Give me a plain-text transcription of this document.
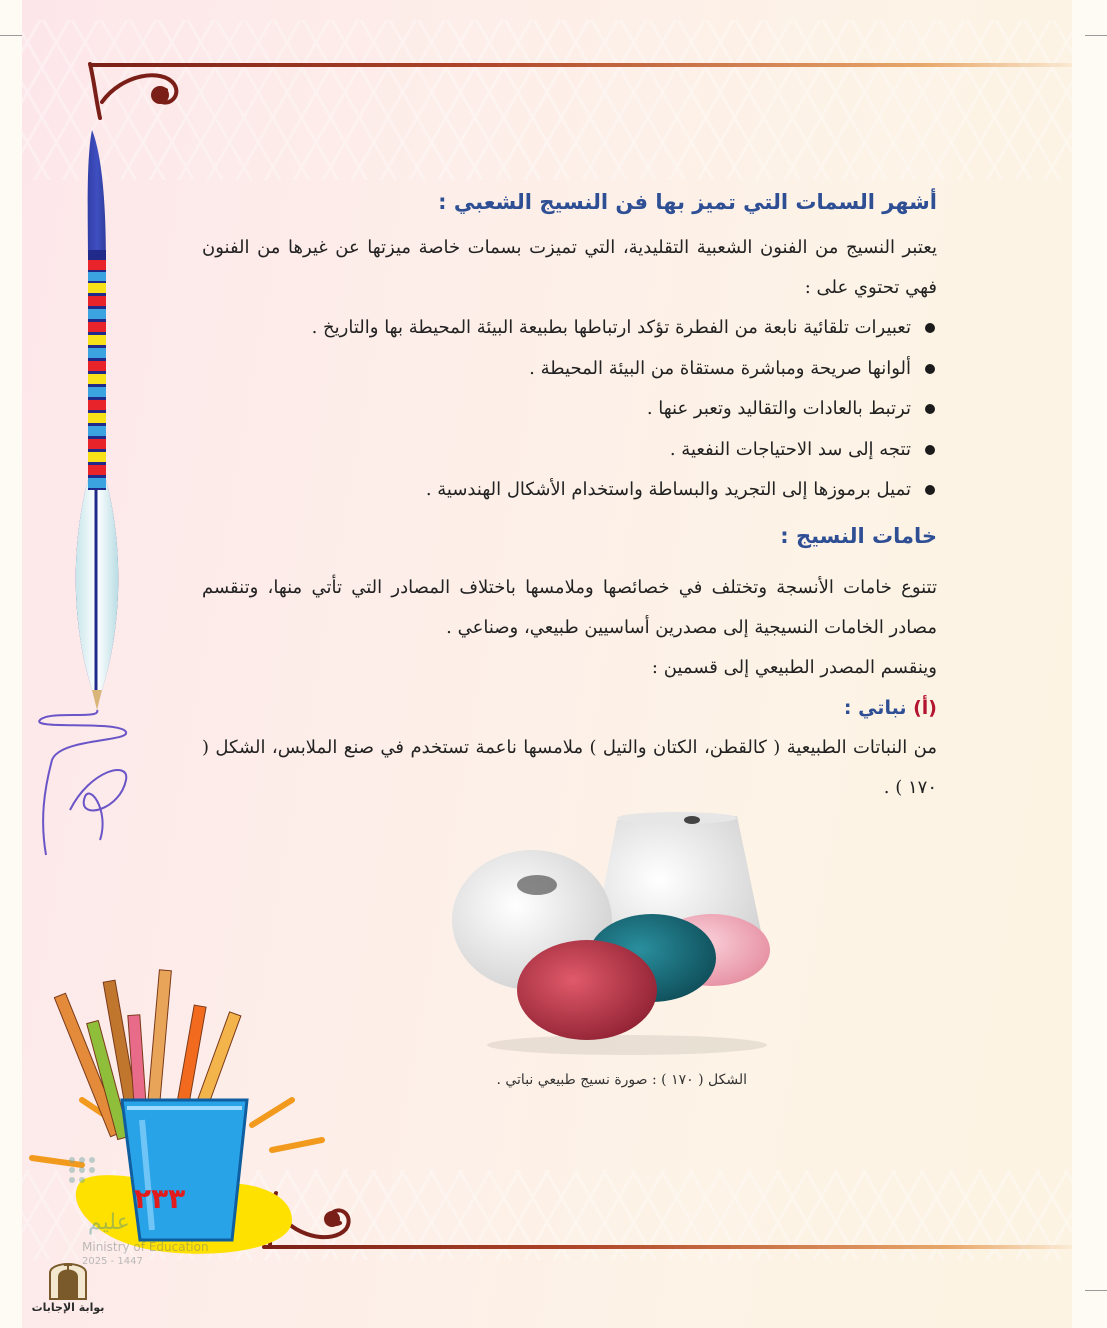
أشهر السمات التي تميز بها فن النسيج الشعبي :

يعتبر النسيج من الفنون الشعبية التقليدية، التي تميزت بسمات خاصة ميزتها عن غيرها من الفنون فهي تحتوي على :

تعبيرات تلقائية نابعة من الفطرة تؤكد ارتباطها بطبيعة البيئة المحيطة بها والتاريخ .
ألوانها صريحة ومباشرة مستقاة من البيئة المحيطة .
ترتبط بالعادات والتقاليد وتعبر عنها .
تتجه إلى سد الاحتياجات النفعية .
تميل برموزها إلى التجريد والبساطة واستخدام الأشكال الهندسية .
خامات النسيج :

تتنوع خامات الأنسجة وتختلف في خصائصها وملامسها باختلاف المصادر التي تأتي منها، وتنقسم مصادر الخامات النسيجية إلى مصدرين أساسيين طبيعي، وصناعي .

وينقسم المصدر الطبيعي إلى قسمين :

(أ) نباتي :

من النباتات الطبيعية ( كالقطن، الكتان والتيل ) ملامسها ناعمة تستخدم في صنع الملابس، الشكل ( ١٧٠ ) .

الشكل ( ١٧٠ ) : صورة نسيج طبيعي نباتي .
٢٣٣
عليم
Ministry of Education
2025 - 1447
بوابة الإجابات
